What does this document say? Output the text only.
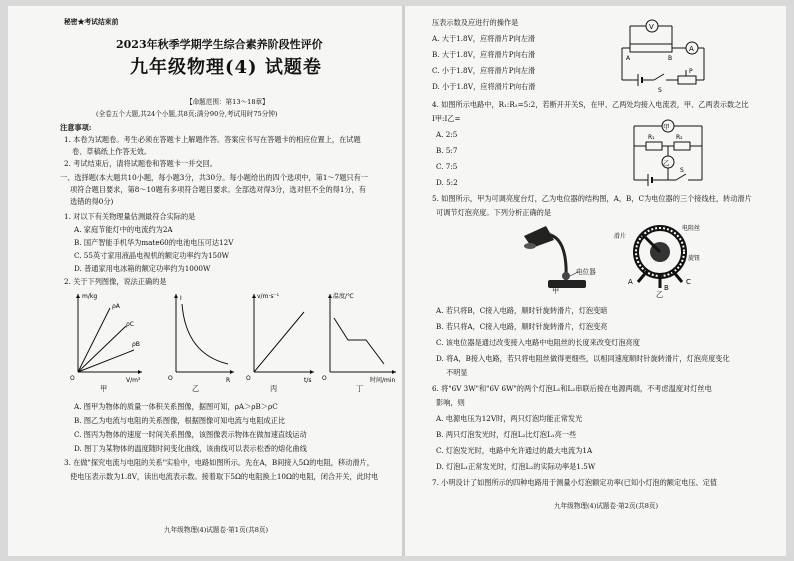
秘密★考试结束前
2023年秋季学期学生综合素养阶段性评价
九年级物理(4) 试题卷
【命题范围：第13～18章】
(全卷五个大题,共24个小题,共8页;满分90分,考试用时75分钟)
注意事项:
1. 本卷为试题卷。考生必须在答题卡上解题作答。答案应书写在答题卡的相应位置上，在试题
卷、草稿纸上作答无效。
2. 考试结束后，请将试题卷和答题卡一并交回。
一、选择题(本大题共10小题，每小题3分，共30分。每小题给出的四个选项中，第1～7题只有一
项符合题目要求，第8～10题有多项符合题目要求。全部选对得3分，选对但不全的得1分，有
选错的得0分)
1. 对以下有关物理量估测最符合实际的是
A. 家庭节能灯中的电流约为2A
B. 国产智能手机华为mate60的电池电压可达12V
C. 55英寸家用液晶电视机的额定功率约为150W
D. 普通家用电冰箱的额定功率约为1000W
2. 关于下列图像，说法正确的是
m/kg
V/m³
O
ρA
ρC
ρB
甲
I
R
O
乙
v/m·s⁻¹
t/s
O
丙
温度/℃
时间/min
O
丁
A. 图甲为物体的质量一体积关系图像，据图可知，ρA＞ρB＞ρC
B. 图乙为电流与电阻的关系图像，根据图像可知电流与电阻成正比
C. 图丙为物体的速度一时间关系图像，该图像表示物体在做加速直线运动
D. 图丁为某物体的温度随时间变化曲线，该曲线可以表示松香的熔化曲线
3. 在做"探究电流与电阻的关系"实验中，电路如图所示。先在A，B间接入5Ω的电阻，移动滑片，
使电压表示数为1.8V，读出电流表示数。接着取下5Ω的电阻换上10Ω的电阻，闭合开关，此时电
九年级物理(4)试题卷·第1页(共8页)
压表示数及应进行的操作是
A. 大于1.8V，应将滑片P向左滑
B. 大于1.8V，应将滑片P向右滑
C. 小于1.8V，应将滑片P向左滑
D. 小于1.8V，应将滑片P向右滑
V
A
A	B
P
S
4. 如图所示电路中，R₁:R₂=5:2，若断开开关S，在甲、乙两处均接入电流表，甲、乙两表示数之比
I甲:I乙=
A. 2:5
B. 5:7
C. 7:5
D. 5:2
甲
R₁	R₂
乙
S
5. 如图所示，甲为可调亮度台灯，乙为电位器的结构图，A，B，C为电位器的三个接线柱，转动滑片
可调节灯泡亮度。下列分析正确的是
电位器
甲
A
B
C
滑片
电阻丝
旋钮
乙
A. 若只将B，C接入电路，顺时针旋转滑片，灯泡变暗
B. 若只将A，C接入电路，顺时针旋转滑片，灯泡变亮
C. 该电位器是通过改变接入电路中电阻丝的长度来改变灯泡亮度
D. 将A，B接入电路，若只将电阻丝做得更细些，以相同速度顺时针旋转滑片，灯泡亮度变化
不明显
6. 将"6V 3W"和"6V 6W"的两个灯泡L₁和L₂串联后接在电源两端，不考虑温度对灯丝电
影响，则
A. 电源电压为12V时，两只灯泡均能正常发光
B. 两只灯泡发光时，灯泡L₂比灯泡L₁亮一些
C. 灯泡发光时，电路中允许通过的最大电流为1A
D. 灯泡L₁正常发光时，灯泡L₂的实际功率是1.5W
7. 小明设计了如图所示的四种电路用于测量小灯泡额定功率(已知小灯泡的额定电压、定值
九年级物理(4)试题卷·第2页(共8页)
